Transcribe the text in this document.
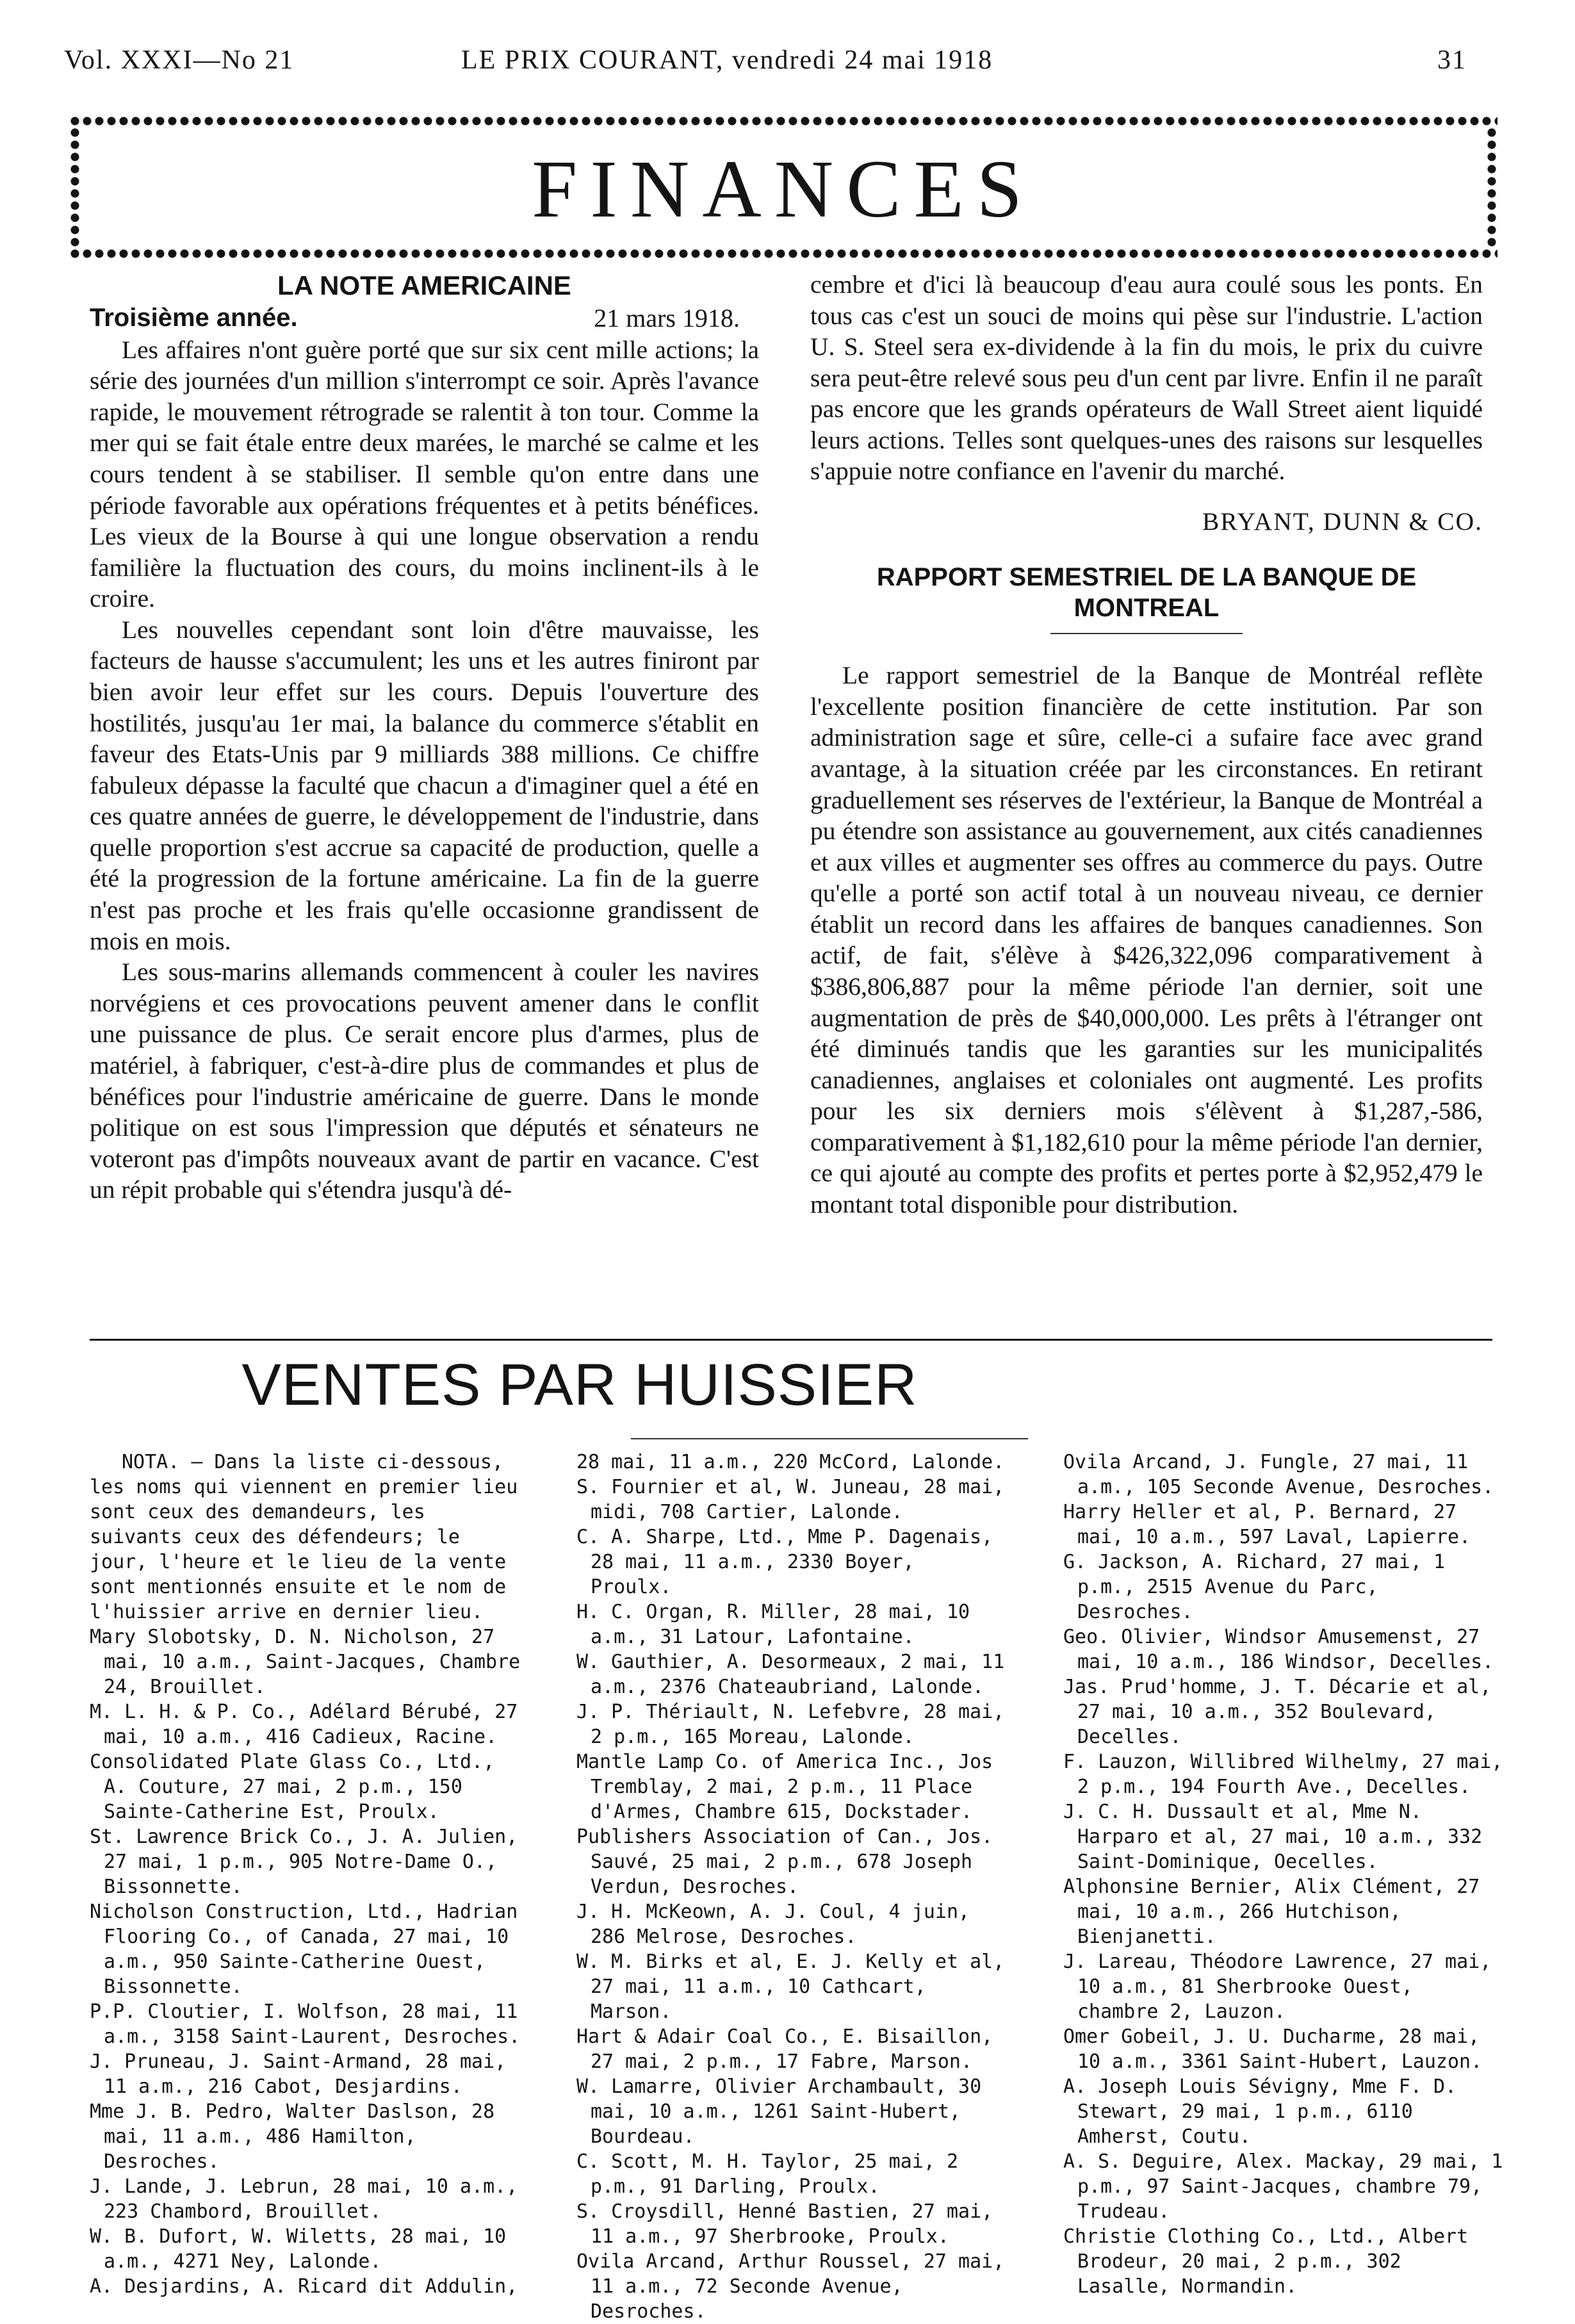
Vol. XXXI—No 21	LE PRIX COURANT, vendredi 24 mai 1918	31
FINANCES
LA NOTE AMERICAINE
Troisième année.	21 mars 1918.

Les affaires n'ont guère porté que sur six cent mille actions; la série des journées d'un million s'interrompt ce soir. Après l'avance rapide, le mouvement rétrograde se ralentit à ton tour. Comme la mer qui se fait étale entre deux marées, le marché se calme et les cours tendent à se stabiliser. Il semble qu'on entre dans une période favorable aux opérations fréquentes et à petits bénéfices. Les vieux de la Bourse à qui une longue observation a rendu familière la fluctuation des cours, du moins inclinent-ils à le croire.

Les nouvelles cependant sont loin d'être mauvaisse, les facteurs de hausse s'accumulent; les uns et les autres finiront par bien avoir leur effet sur les cours. Depuis l'ouverture des hostilités, jusqu'au 1er mai, la balance du commerce s'établit en faveur des Etats-Unis par 9 milliards 388 millions. Ce chiffre fabuleux dépasse la faculté que chacun a d'imaginer quel a été en ces quatre années de guerre, le développement de l'industrie, dans quelle proportion s'est accrue sa capacité de production, quelle a été la progression de la fortune américaine. La fin de la guerre n'est pas proche et les frais qu'elle occasionne grandissent de mois en mois.

Les sous-marins allemands commencent à couler les navires norvégiens et ces provocations peuvent amener dans le conflit une puissance de plus. Ce serait encore plus d'armes, plus de matériel, à fabriquer, c'est-à-dire plus de commandes et plus de bénéfices pour l'industrie américaine de guerre. Dans le monde politique on est sous l'impression que députés et sénateurs ne voteront pas d'impôts nouveaux avant de partir en vacance. C'est un répit probable qui s'étendra jusqu'à dé-

cembre et d'ici là beaucoup d'eau aura coulé sous les ponts. En tous cas c'est un souci de moins qui pèse sur l'industrie. L'action U. S. Steel sera ex-dividende à la fin du mois, le prix du cuivre sera peut-être relevé sous peu d'un cent par livre. Enfin il ne paraît pas encore que les grands opérateurs de Wall Street aient liquidé leurs actions. Telles sont quelques-unes des raisons sur lesquelles s'appuie notre confiance en l'avenir du marché.

BRYANT, DUNN & CO.
RAPPORT SEMESTRIEL DE LA BANQUE DE MONTREAL

Le rapport semestriel de la Banque de Montréal reflète l'excellente position financière de cette institution. Par son administration sage et sûre, celle-ci a sufaire face avec grand avantage, à la situation créée par les circonstances. En retirant graduellement ses réserves de l'extérieur, la Banque de Montréal a pu étendre son assistance au gouvernement, aux cités canadiennes et aux villes et augmenter ses offres au commerce du pays. Outre qu'elle a porté son actif total à un nouveau niveau, ce dernier établit un record dans les affaires de banques canadiennes. Son actif, de fait, s'élève à $426,322,096 comparativement à $386,806,887 pour la même période l'an dernier, soit une augmentation de près de $40,000,000. Les prêts à l'étranger ont été diminués tandis que les garanties sur les municipalités canadiennes, anglaises et coloniales ont augmenté. Les profits pour les six derniers mois s'élèvent à $1,287,-586, comparativement à $1,182,610 pour la même période l'an dernier, ce qui ajouté au compte des profits et pertes porte à $2,952,479 le montant total disponible pour distribution.

VENTES PAR HUISSIER

NOTA. — Dans la liste ci-dessous, les noms qui viennent en premier lieu sont ceux des demandeurs, les suivants ceux des défendeurs; le jour, l'heure et le lieu de la vente sont mentionnés ensuite et le nom de l'huissier arrive en dernier lieu.

Mary Slobotsky, D. N. Nicholson, 27 mai, 10 a.m., Saint-Jacques, Chambre 24, Brouillet.

M. L. H. & P. Co., Adélard Bérubé, 27 mai, 10 a.m., 416 Cadieux, Racine.

Consolidated Plate Glass Co., Ltd., A. Couture, 27 mai, 2 p.m., 150 Sainte-Catherine Est, Proulx.

St. Lawrence Brick Co., J. A. Julien, 27 mai, 1 p.m., 905 Notre-Dame O., Bissonnette.

Nicholson Construction, Ltd., Hadrian Flooring Co., of Canada, 27 mai, 10 a.m., 950 Sainte-Catherine Ouest, Bissonnette.

P.P. Cloutier, I. Wolfson, 28 mai, 11 a.m., 3158 Saint-Laurent, Desroches.

J. Pruneau, J. Saint-Armand, 28 mai, 11 a.m., 216 Cabot, Desjardins.

Mme J. B. Pedro, Walter Daslson, 28 mai, 11 a.m., 486 Hamilton, Desroches.

J. Lande, J. Lebrun, 28 mai, 10 a.m., 223 Chambord, Brouillet.

W. B. Dufort, W. Wiletts, 28 mai, 10 a.m., 4271 Ney, Lalonde.

A. Desjardins, A. Ricard dit Addulin,

28 mai, 11 a.m., 220 McCord, Lalonde.

S. Fournier et al, W. Juneau, 28 mai, midi, 708 Cartier, Lalonde.

C. A. Sharpe, Ltd., Mme P. Dagenais, 28 mai, 11 a.m., 2330 Boyer, Proulx.

H. C. Organ, R. Miller, 28 mai, 10 a.m., 31 Latour, Lafontaine.

W. Gauthier, A. Desormeaux, 2 mai, 11 a.m., 2376 Chateaubriand, Lalonde.

J. P. Thériault, N. Lefebvre, 28 mai, 2 p.m., 165 Moreau, Lalonde.

Mantle Lamp Co. of America Inc., Jos Tremblay, 2 mai, 2 p.m., 11 Place d'Armes, Chambre 615, Dockstader.

Publishers Association of Can., Jos. Sauvé, 25 mai, 2 p.m., 678 Joseph Verdun, Desroches.

J. H. McKeown, A. J. Coul, 4 juin, 286 Melrose, Desroches.

W. M. Birks et al, E. J. Kelly et al, 27 mai, 11 a.m., 10 Cathcart, Marson.

Hart & Adair Coal Co., E. Bisaillon, 27 mai, 2 p.m., 17 Fabre, Marson.

W. Lamarre, Olivier Archambault, 30 mai, 10 a.m., 1261 Saint-Hubert, Bourdeau.

C. Scott, M. H. Taylor, 25 mai, 2 p.m., 91 Darling, Proulx.

S. Croysdill, Henné Bastien, 27 mai, 11 a.m., 97 Sherbrooke, Proulx.

Ovila Arcand, Arthur Roussel, 27 mai, 11 a.m., 72 Seconde Avenue, Desroches.

Ovila Arcand, J. Fungle, 27 mai, 11 a.m., 105 Seconde Avenue, Desroches.

Harry Heller et al, P. Bernard, 27 mai, 10 a.m., 597 Laval, Lapierre.

G. Jackson, A. Richard, 27 mai, 1 p.m., 2515 Avenue du Parc, Desroches.

Geo. Olivier, Windsor Amusemenst, 27 mai, 10 a.m., 186 Windsor, Decelles.

Jas. Prud'homme, J. T. Décarie et al, 27 mai, 10 a.m., 352 Boulevard, Decelles.

F. Lauzon, Willibred Wilhelmy, 27 mai, 2 p.m., 194 Fourth Ave., Decelles.

J. C. H. Dussault et al, Mme N. Harparo et al, 27 mai, 10 a.m., 332 Saint-Dominique, Oecelles.

Alphonsine Bernier, Alix Clément, 27 mai, 10 a.m., 266 Hutchison, Bienjanetti.

J. Lareau, Théodore Lawrence, 27 mai, 10 a.m., 81 Sherbrooke Ouest, chambre 2, Lauzon.

Omer Gobeil, J. U. Ducharme, 28 mai, 10 a.m., 3361 Saint-Hubert, Lauzon.

A. Joseph Louis Sévigny, Mme F. D. Stewart, 29 mai, 1 p.m., 6110 Amherst, Coutu.

A. S. Deguire, Alex. Mackay, 29 mai, 1 p.m., 97 Saint-Jacques, chambre 79, Trudeau.

Christie Clothing Co., Ltd., Albert Brodeur, 20 mai, 2 p.m., 302 Lasalle, Normandin.
